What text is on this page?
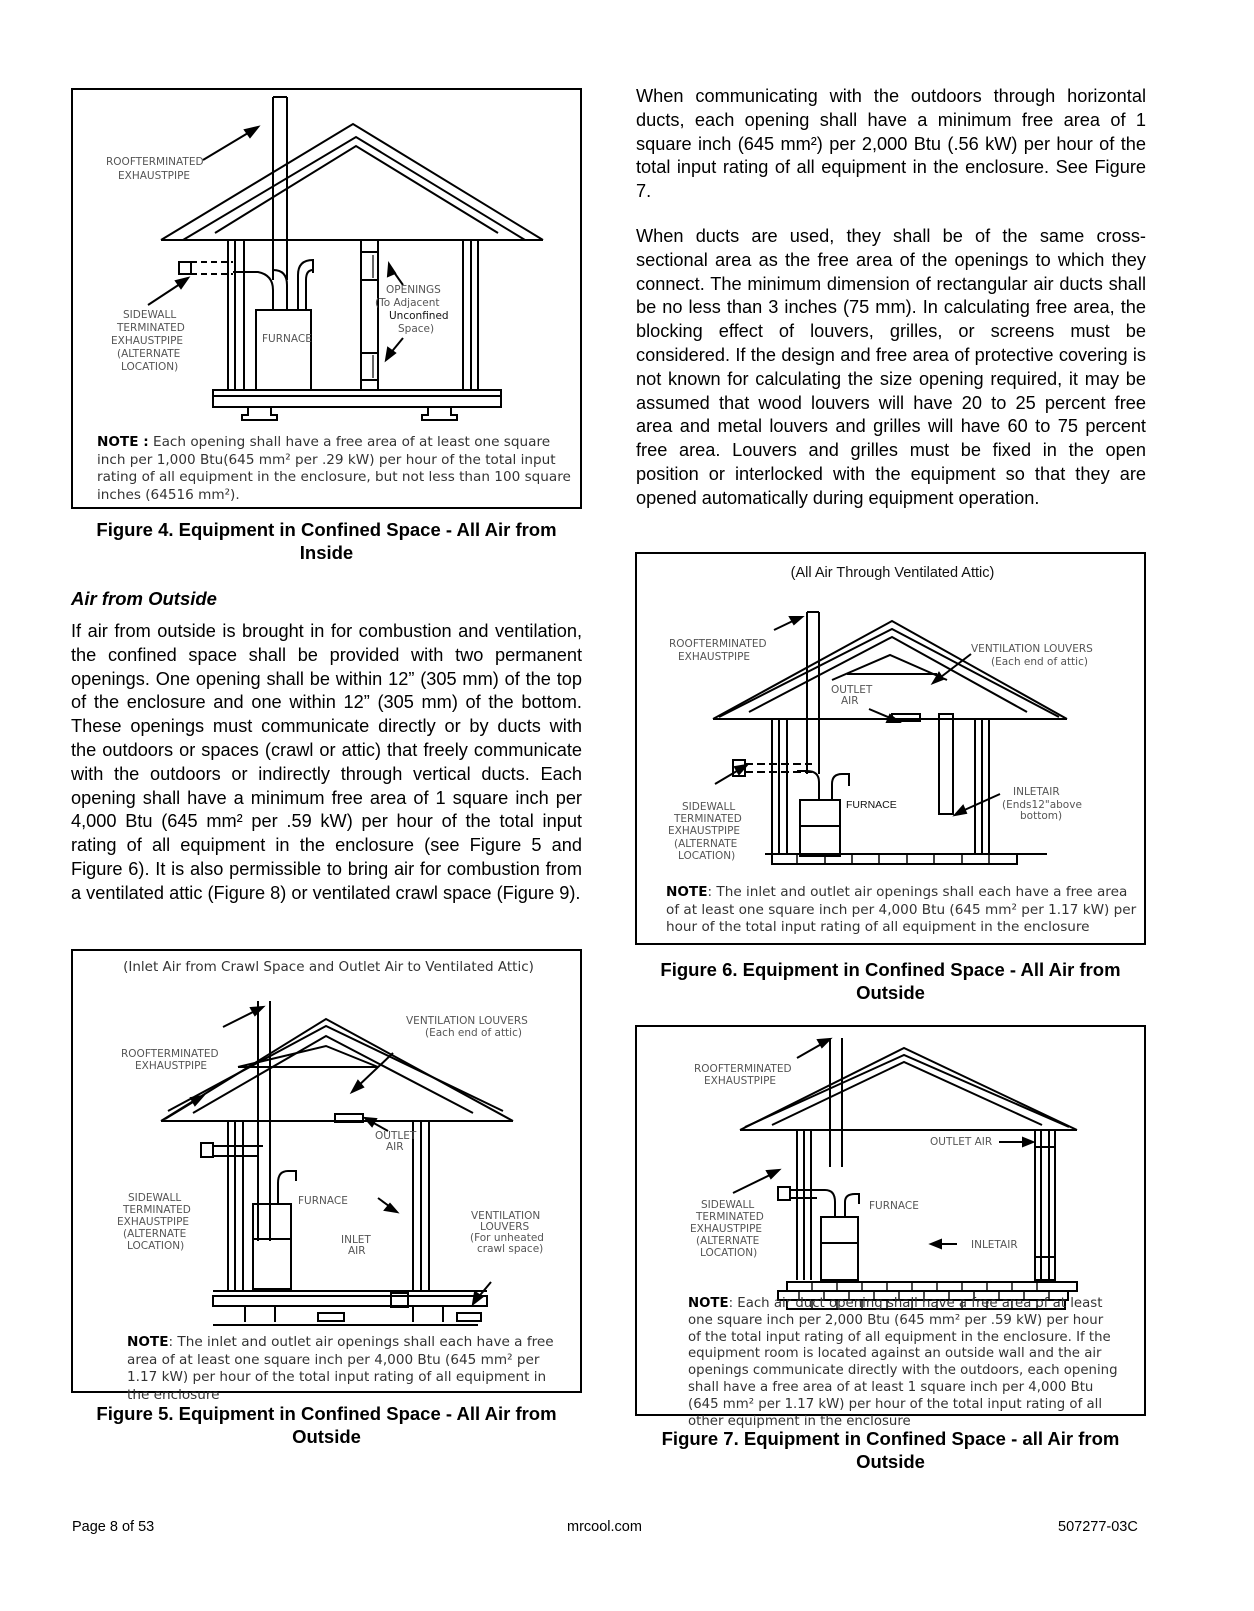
ROOFTERMINATED
EXHAUSTPIPE
SIDEWALL
TERMINATED
EXHAUSTPIPE
(ALTERNATE
LOCATION)
FURNACE
OPENINGS
(To Adjacent
Unconfined
Space)
NOTE : Each opening shall have a free area of at least one square inch per 1,000 Btu(645 mm² per .29 kW) per hour of the total input rating of all equipment in the enclosure, but not less than 100 square inches (64516 mm²).
Figure 4. Equipment in Confined Space - All Air from
Inside
Air from Outside

If air from outside is brought in for combustion and ventilation, the confined space shall be provided with two permanent openings. One opening shall be within 12” (305 mm) of the top of the enclosure and one within 12” (305 mm) of the bottom. These openings must communicate directly or by ducts with the outdoors or spaces (crawl or attic) that freely communicate with the outdoors or indirectly through vertical ducts. Each opening shall have a minimum free area of 1 square inch per 4,000 Btu (645 mm² per .59 kW) per hour of the total input rating of all equipment in the enclosure (see Figure 5 and Figure 6). It is also permissible to bring air for combustion from a ventilated attic (Figure 8) or ventilated crawl space (Figure 9).

(Inlet Air from Crawl Space and Outlet Air to Ventilated Attic)
ROOFTERMINATED
EXHAUSTPIPE
VENTILATION LOUVERS
(Each end of attic)
OUTLET
AIR
SIDEWALL
TERMINATED
EXHAUSTPIPE
(ALTERNATE
LOCATION)
FURNACE
INLET
AIR
VENTILATION
LOUVERS
(For unheated
crawl space)
NOTE: The inlet and outlet air openings shall each have a free area of at least one square inch per 4,000 Btu (645 mm² per 1.17 kW) per hour of the total input rating of all equipment in the enclosure
Figure 5. Equipment in Confined Space - All Air from
Outside

When communicating with the outdoors through horizontal ducts, each opening shall have a minimum free area of 1 square inch (645 mm²) per 2,000 Btu (.56 kW) per hour of the total input rating of all equipment in the enclosure. See Figure 7.

When ducts are used, they shall be of the same cross-sectional area as the free area of the openings to which they connect. The minimum dimension of rectangular air ducts shall be no less than 3 inches (75 mm). In calculating free area, the blocking effect of louvers, grilles, or screens must be considered. If the design and free area of protective covering is not known for calculating the size opening required, it may be assumed that wood louvers will have 20 to 25 percent free area and metal louvers and grilles will have 60 to 75 percent free area. Louvers and grilles must be fixed in the open position or interlocked with the equipment so that they are opened automatically during equipment operation.

(All Air Through Ventilated Attic)
ROOFTERMINATED
EXHAUSTPIPE
VENTILATION LOUVERS
(Each end of attic)
OUTLET
AIR
SIDEWALL
TERMINATED
EXHAUSTPIPE
(ALTERNATE
LOCATION)
FURNACE
INLETAIR
(Ends12"above
bottom)
NOTE: The inlet and outlet air openings shall each have a free area of at least one square inch per 4,000 Btu (645 mm² per 1.17 kW) per hour of the total input rating of all equipment in the enclosure
Figure 6. Equipment in Confined Space - All Air from
Outside
ROOFTERMINATED
EXHAUSTPIPE
OUTLET AIR
SIDEWALL
TERMINATED
EXHAUSTPIPE
(ALTERNATE
LOCATION)
FURNACE
INLETAIR
NOTE: Each air duct opening shall have a free area of at least one square inch per 2,000 Btu (645 mm² per .59 kW) per hour of the total input rating of all equipment in the enclosure. If the equipment room is located against an outside wall and the air openings communicate directly with the outdoors, each opening shall have a free area of at least 1 square inch per 4,000 Btu (645 mm² per 1.17 kW) per hour of the total input rating of all other equipment in the enclosure
Figure 7. Equipment in Confined Space - all Air from
Outside
Page 8 of 53	mrcool.com	507277-03C
